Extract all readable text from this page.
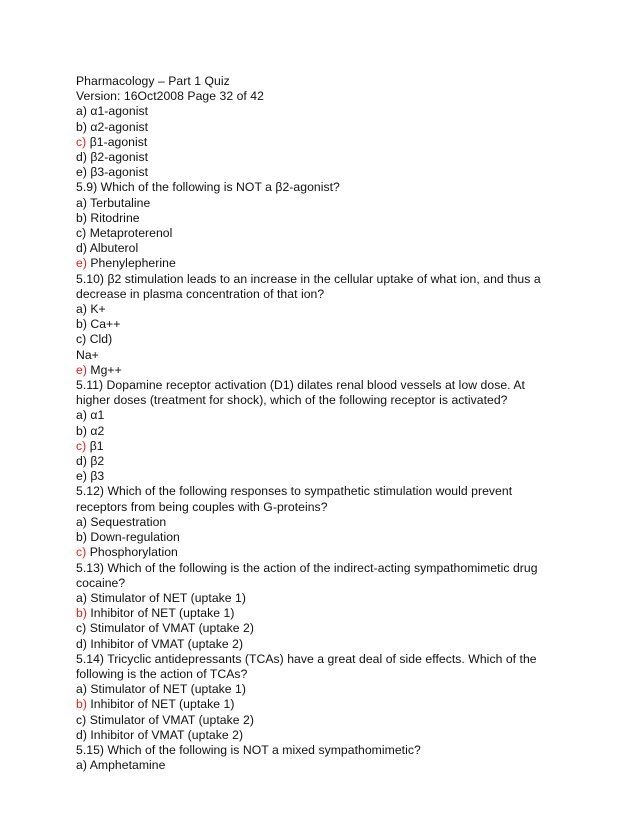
Pharmacology – Part 1 Quiz
Version: 16Oct2008 Page 32 of 42
a) α1-agonist
b) α2-agonist
c) β1-agonist
d) β2-agonist
e) β3-agonist
5.9) Which of the following is NOT a β2-agonist?
a) Terbutaline
b) Ritodrine
c) Metaproterenol
d) Albuterol
e) Phenylepherine
5.10) β2 stimulation leads to an increase in the cellular uptake of what ion, and thus a
decrease in plasma concentration of that ion?
a) K+
b) Ca++
c) Cld)
Na+
e) Mg++
5.11) Dopamine receptor activation (D1) dilates renal blood vessels at low dose. At
higher doses (treatment for shock), which of the following receptor is activated?
a) α1
b) α2
c) β1
d) β2
e) β3
5.12) Which of the following responses to sympathetic stimulation would prevent
receptors from being couples with G-proteins?
a) Sequestration
b) Down-regulation
c) Phosphorylation
5.13) Which of the following is the action of the indirect-acting sympathomimetic drug
cocaine?
a) Stimulator of NET (uptake 1)
b) Inhibitor of NET (uptake 1)
c) Stimulator of VMAT (uptake 2)
d) Inhibitor of VMAT (uptake 2)
5.14) Tricyclic antidepressants (TCAs) have a great deal of side effects. Which of the
following is the action of TCAs?
a) Stimulator of NET (uptake 1)
b) Inhibitor of NET (uptake 1)
c) Stimulator of VMAT (uptake 2)
d) Inhibitor of VMAT (uptake 2)
5.15) Which of the following is NOT a mixed sympathomimetic?
a) Amphetamine
